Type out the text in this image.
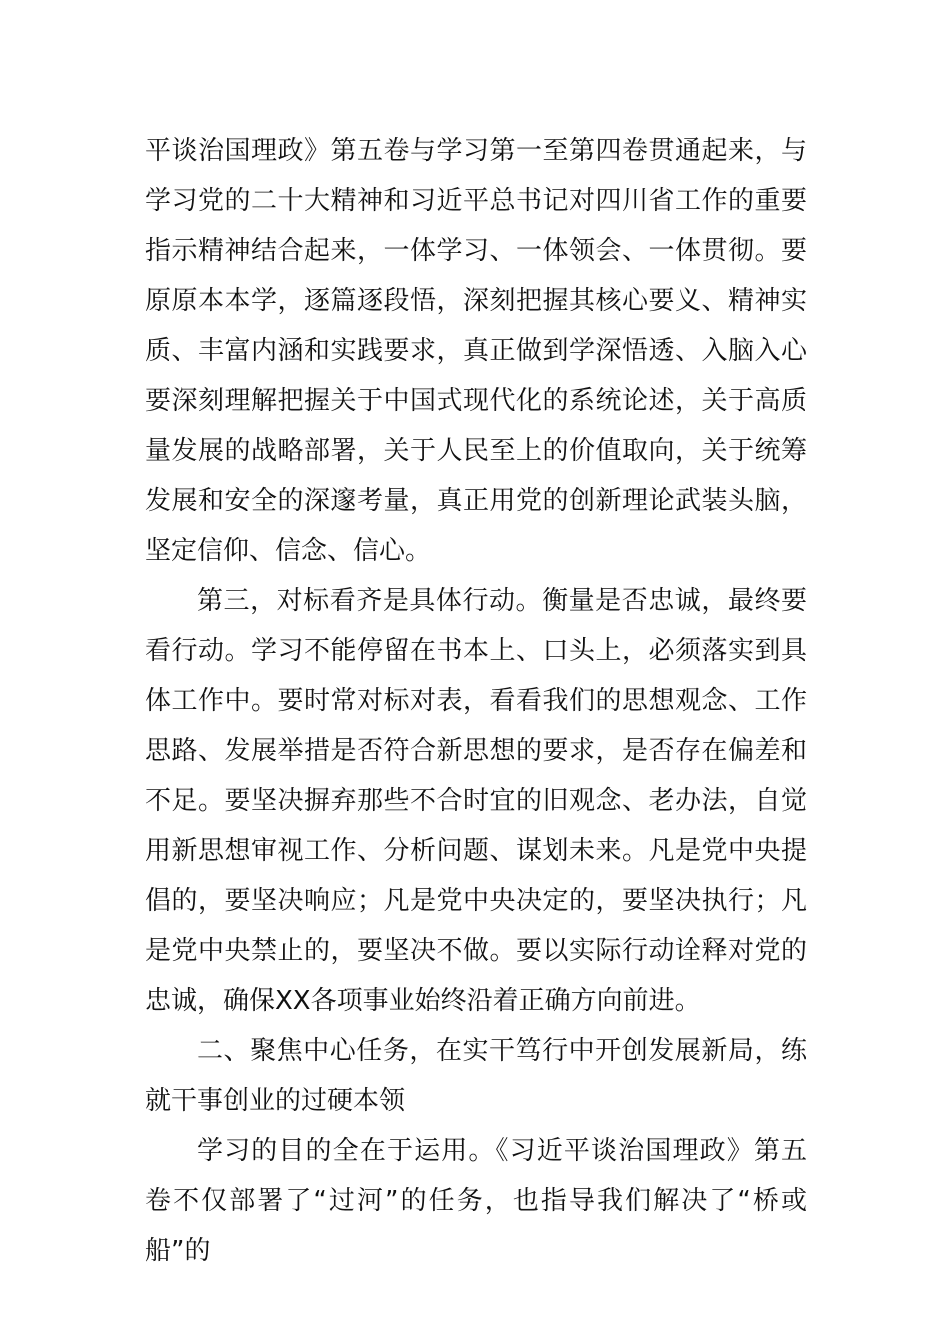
平谈治国理政》第五卷与学习第一至第四卷贯通起来，与学习党的二十大精神和习近平总书记对四川省工作的重要指示精神结合起来，一体学习、一体领会、一体贯彻。要原原本本学，逐篇逐段悟，深刻把握其核心要义、精神实质、丰富内涵和实践要求，真正做到学深悟透、入脑入心要深刻理解把握关于中国式现代化的系统论述，关于高质量发展的战略部署，关于人民至上的价值取向，关于统筹发展和安全的深邃考量，真正用党的创新理论武装头脑，坚定信仰、信念、信心。

第三，对标看齐是具体行动。衡量是否忠诚，最终要看行动。学习不能停留在书本上、口头上，必须落实到具体工作中。要时常对标对表，看看我们的思想观念、工作思路、发展举措是否符合新思想的要求，是否存在偏差和不足。要坚决摒弃那些不合时宜的旧观念、老办法，自觉用新思想审视工作、分析问题、谋划未来。凡是党中央提倡的，要坚决响应；凡是党中央决定的，要坚决执行；凡是党中央禁止的，要坚决不做。要以实际行动诠释对党的忠诚，确保XX各项事业始终沿着正确方向前进。

二、聚焦中心任务，在实干笃行中开创发展新局，练就干事创业的过硬本领

学习的目的全在于运用。《习近平谈治国理政》第五卷不仅部署了“过河”的任务，也指导我们解决了“桥或船”的
